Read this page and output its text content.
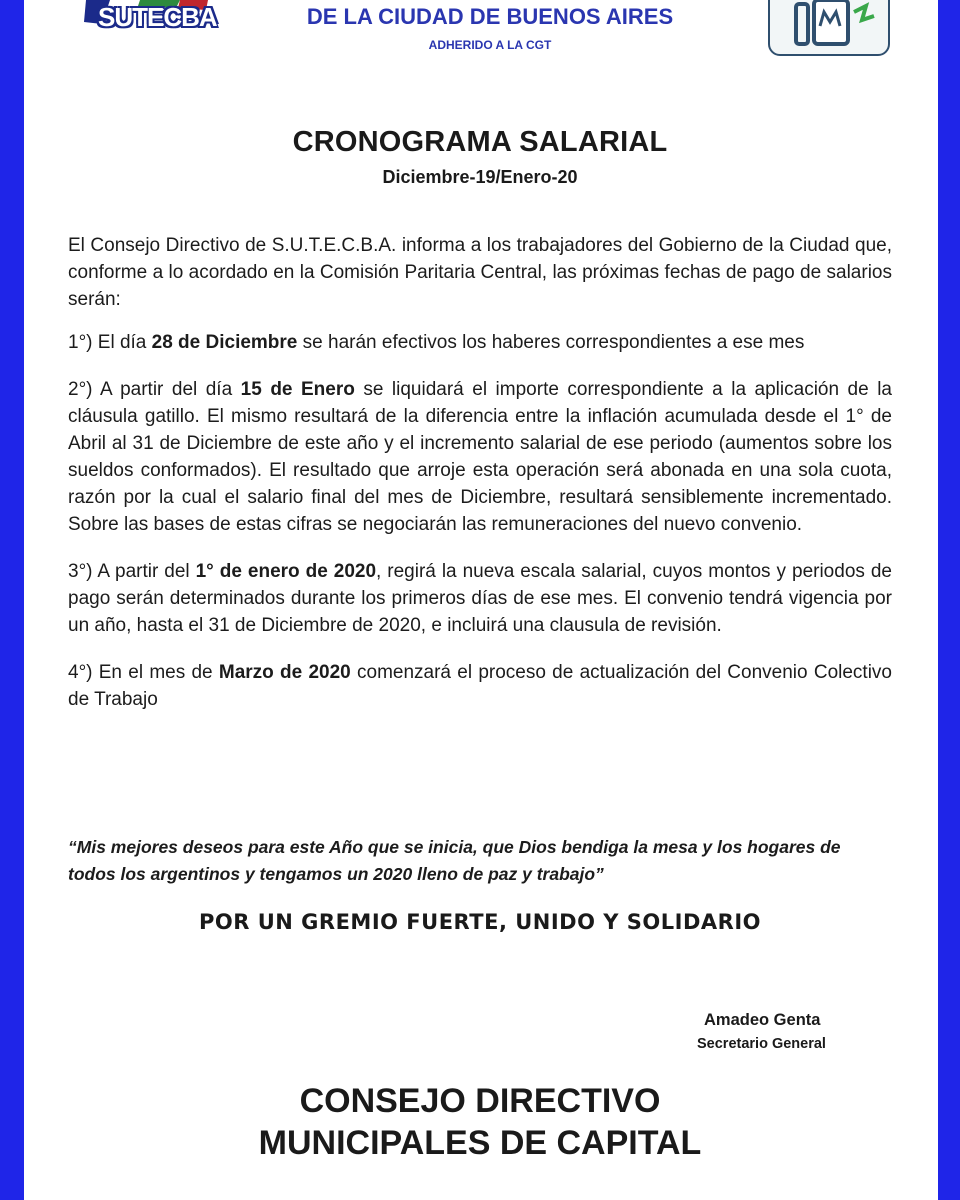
SUTECBA	DE LA CIUDAD DE BUENOS AIRES
ADHERIDO A LA CGT
CRONOGRAMA SALARIAL
Diciembre-19/Enero-20

El Consejo Directivo de S.U.T.E.C.B.A. informa a los trabajadores del Gobierno de la Ciudad que, conforme a lo acordado en la Comisión Paritaria Central, las próximas fechas de pago de salarios serán:

1°) El día 28 de Diciembre se harán efectivos los haberes correspondientes a ese mes

2°) A partir del día 15 de Enero se liquidará el importe correspondiente a la aplicación de la cláusula gatillo. El mismo resultará de la diferencia entre la inflación acumulada desde el 1° de Abril al 31 de Diciembre de este año y el incremento salarial de ese periodo (aumentos sobre los sueldos conformados). El resultado que arroje esta operación será abonada en una sola cuota, razón por la cual el salario final del mes de Diciembre, resultará sensiblemente incrementado. Sobre las bases de estas cifras se negociarán las remuneraciones del nuevo convenio.

3°) A partir del 1° de enero de 2020, regirá la nueva escala salarial, cuyos montos y periodos de pago serán determinados durante los primeros días de ese mes. El convenio tendrá vigencia por un año, hasta el 31 de Diciembre de 2020, e incluirá una clausula de revisión.

4°) En el mes de Marzo de 2020 comenzará el proceso de actualización del Convenio Colectivo de Trabajo

“Mis mejores deseos para este Año que se inicia, que Dios bendiga la mesa y los hogares de todos los argentinos y tengamos un 2020 lleno de paz y trabajo”
POR UN GREMIO FUERTE, UNIDO Y SOLIDARIO
Amadeo Genta
Secretario General
CONSEJO DIRECTIVO
MUNICIPALES DE CAPITAL
